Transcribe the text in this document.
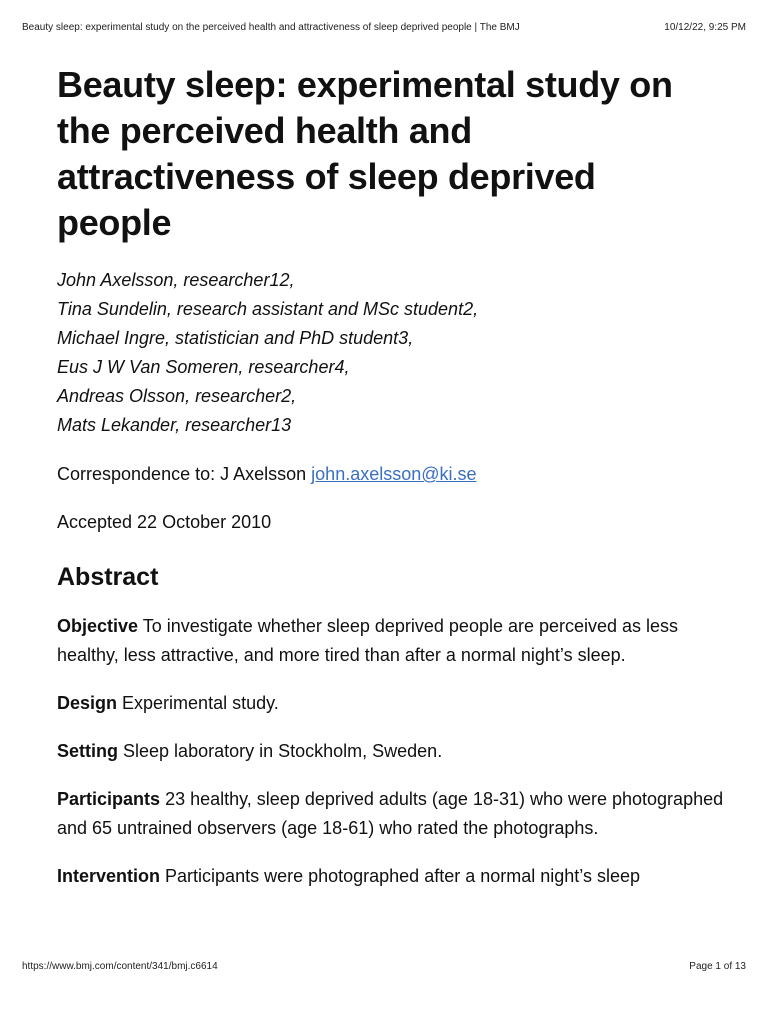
Beauty sleep: experimental study on the perceived health and attractiveness of sleep deprived people | The BMJ	10/12/22, 9:25 PM
Beauty sleep: experimental study on the perceived health and attractiveness of sleep deprived people
John Axelsson, researcher12,
Tina Sundelin, research assistant and MSc student2,
Michael Ingre, statistician and PhD student3,
Eus J W Van Someren, researcher4,
Andreas Olsson, researcher2,
Mats Lekander, researcher13
Correspondence to: J Axelsson john.axelsson@ki.se
Accepted 22 October 2010
Abstract
Objective To investigate whether sleep deprived people are perceived as less healthy, less attractive, and more tired than after a normal night’s sleep.
Design Experimental study.
Setting Sleep laboratory in Stockholm, Sweden.
Participants 23 healthy, sleep deprived adults (age 18-31) who were photographed and 65 untrained observers (age 18-61) who rated the photographs.
Intervention Participants were photographed after a normal night’s sleep
https://www.bmj.com/content/341/bmj.c6614	Page 1 of 13
